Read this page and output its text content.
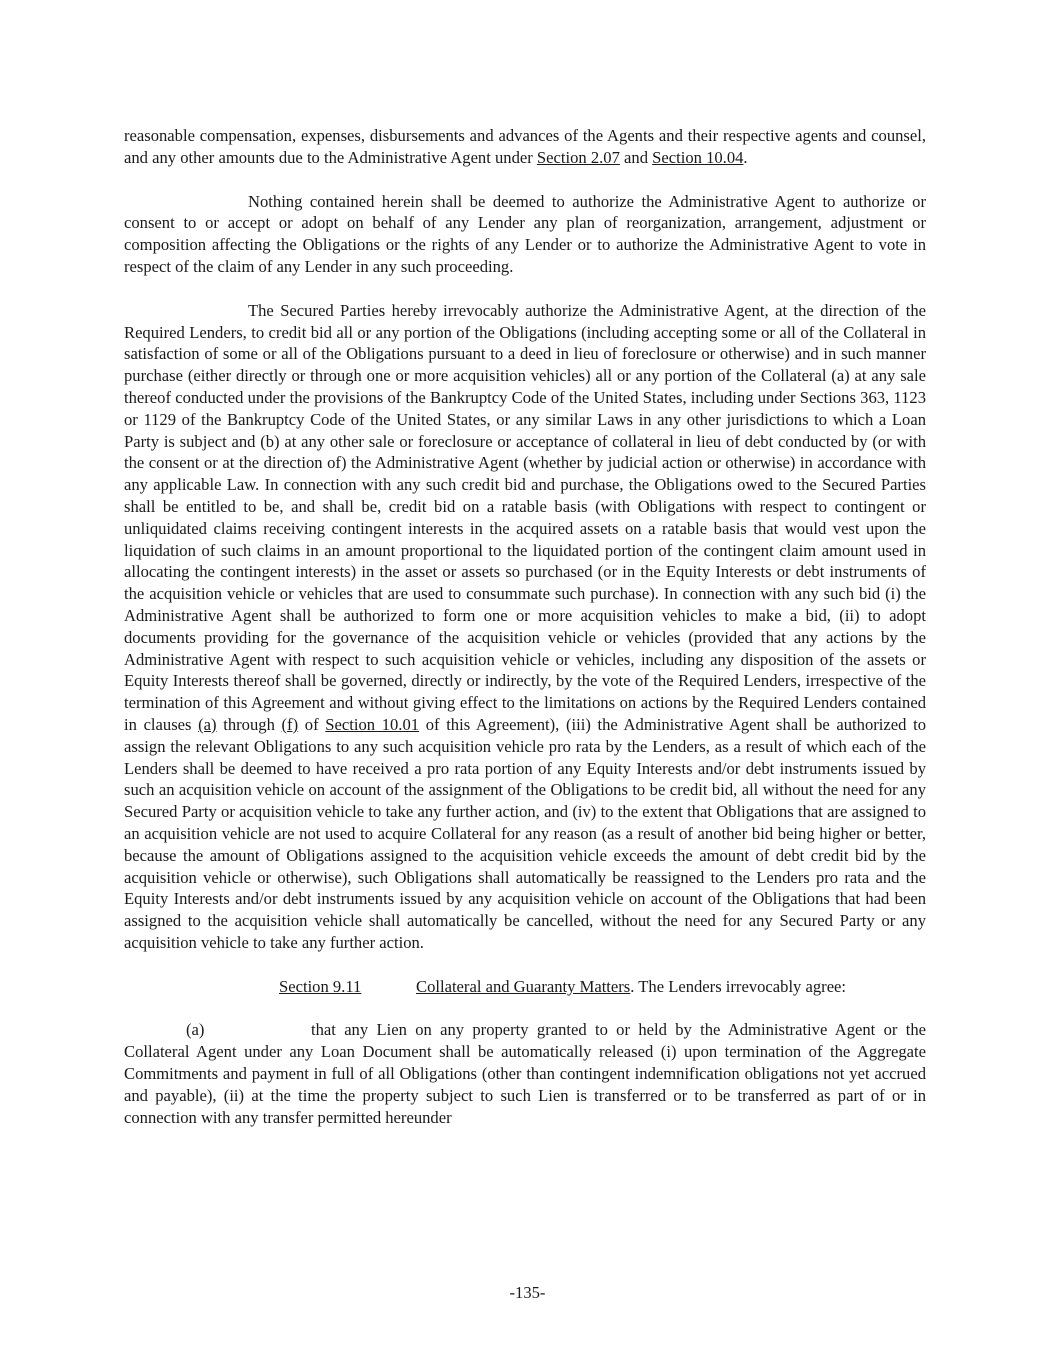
reasonable compensation, expenses, disbursements and advances of the Agents and their respective agents and counsel, and any other amounts due to the Administrative Agent under Section 2.07 and Section 10.04.

Nothing contained herein shall be deemed to authorize the Administrative Agent to authorize or consent to or accept or adopt on behalf of any Lender any plan of reorganization, arrangement, adjustment or composition affecting the Obligations or the rights of any Lender or to authorize the Administrative Agent to vote in respect of the claim of any Lender in any such proceeding.

The Secured Parties hereby irrevocably authorize the Administrative Agent, at the direction of the Required Lenders, to credit bid all or any portion of the Obligations (including accepting some or all of the Collateral in satisfaction of some or all of the Obligations pursuant to a deed in lieu of foreclosure or otherwise) and in such manner purchase (either directly or through one or more acquisition vehicles) all or any portion of the Collateral (a) at any sale thereof conducted under the provisions of the Bankruptcy Code of the United States, including under Sections 363, 1123 or 1129 of the Bankruptcy Code of the United States, or any similar Laws in any other jurisdictions to which a Loan Party is subject and (b) at any other sale or foreclosure or acceptance of collateral in lieu of debt conducted by (or with the consent or at the direction of) the Administrative Agent (whether by judicial action or otherwise) in accordance with any applicable Law. In connection with any such credit bid and purchase, the Obligations owed to the Secured Parties shall be entitled to be, and shall be, credit bid on a ratable basis (with Obligations with respect to contingent or unliquidated claims receiving contingent interests in the acquired assets on a ratable basis that would vest upon the liquidation of such claims in an amount proportional to the liquidated portion of the contingent claim amount used in allocating the contingent interests) in the asset or assets so purchased (or in the Equity Interests or debt instruments of the acquisition vehicle or vehicles that are used to consummate such purchase). In connection with any such bid (i) the Administrative Agent shall be authorized to form one or more acquisition vehicles to make a bid, (ii) to adopt documents providing for the governance of the acquisition vehicle or vehicles (provided that any actions by the Administrative Agent with respect to such acquisition vehicle or vehicles, including any disposition of the assets or Equity Interests thereof shall be governed, directly or indirectly, by the vote of the Required Lenders, irrespective of the termination of this Agreement and without giving effect to the limitations on actions by the Required Lenders contained in clauses (a) through (f) of Section 10.01 of this Agreement), (iii) the Administrative Agent shall be authorized to assign the relevant Obligations to any such acquisition vehicle pro rata by the Lenders, as a result of which each of the Lenders shall be deemed to have received a pro rata portion of any Equity Interests and/or debt instruments issued by such an acquisition vehicle on account of the assignment of the Obligations to be credit bid, all without the need for any Secured Party or acquisition vehicle to take any further action, and (iv) to the extent that Obligations that are assigned to an acquisition vehicle are not used to acquire Collateral for any reason (as a result of another bid being higher or better, because the amount of Obligations assigned to the acquisition vehicle exceeds the amount of debt credit bid by the acquisition vehicle or otherwise), such Obligations shall automatically be reassigned to the Lenders pro rata and the Equity Interests and/or debt instruments issued by any acquisition vehicle on account of the Obligations that had been assigned to the acquisition vehicle shall automatically be cancelled, without the need for any Secured Party or any acquisition vehicle to take any further action.

Section 9.11	Collateral and Guaranty Matters. The Lenders irrevocably agree:

(a)	that any Lien on any property granted to or held by the Administrative Agent or the Collateral Agent under any Loan Document shall be automatically released (i) upon termination of the Aggregate Commitments and payment in full of all Obligations (other than contingent indemnification obligations not yet accrued and payable), (ii) at the time the property subject to such Lien is transferred or to be transferred as part of or in connection with any transfer permitted hereunder

-135-
